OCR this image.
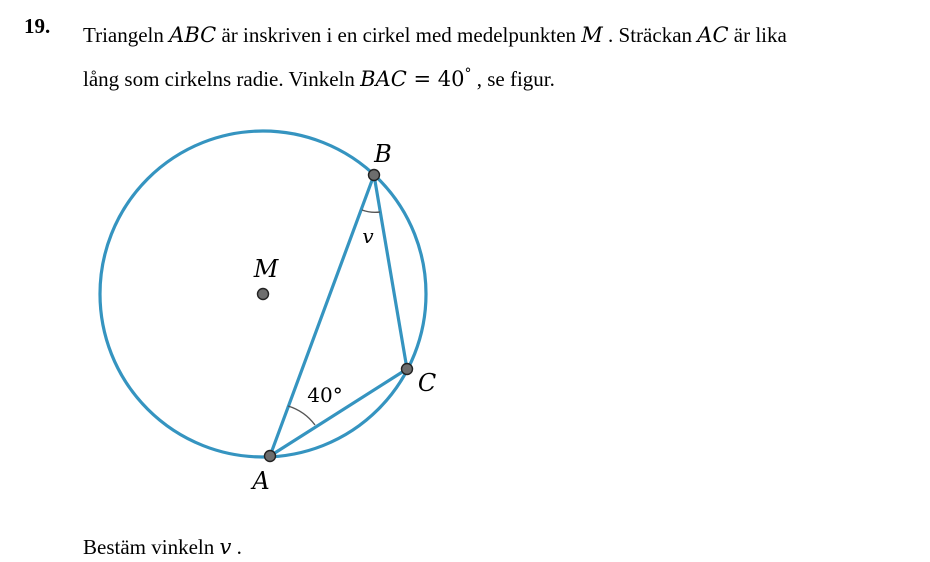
19. Triangeln ABC är inskriven i en cirkel med medelpunkten M . Sträckan AC är lika
lång som cirkelns radie. Vinkeln BAC = 40° , se figur.
B
A
C
M
v
40°
Bestäm vinkeln v .
